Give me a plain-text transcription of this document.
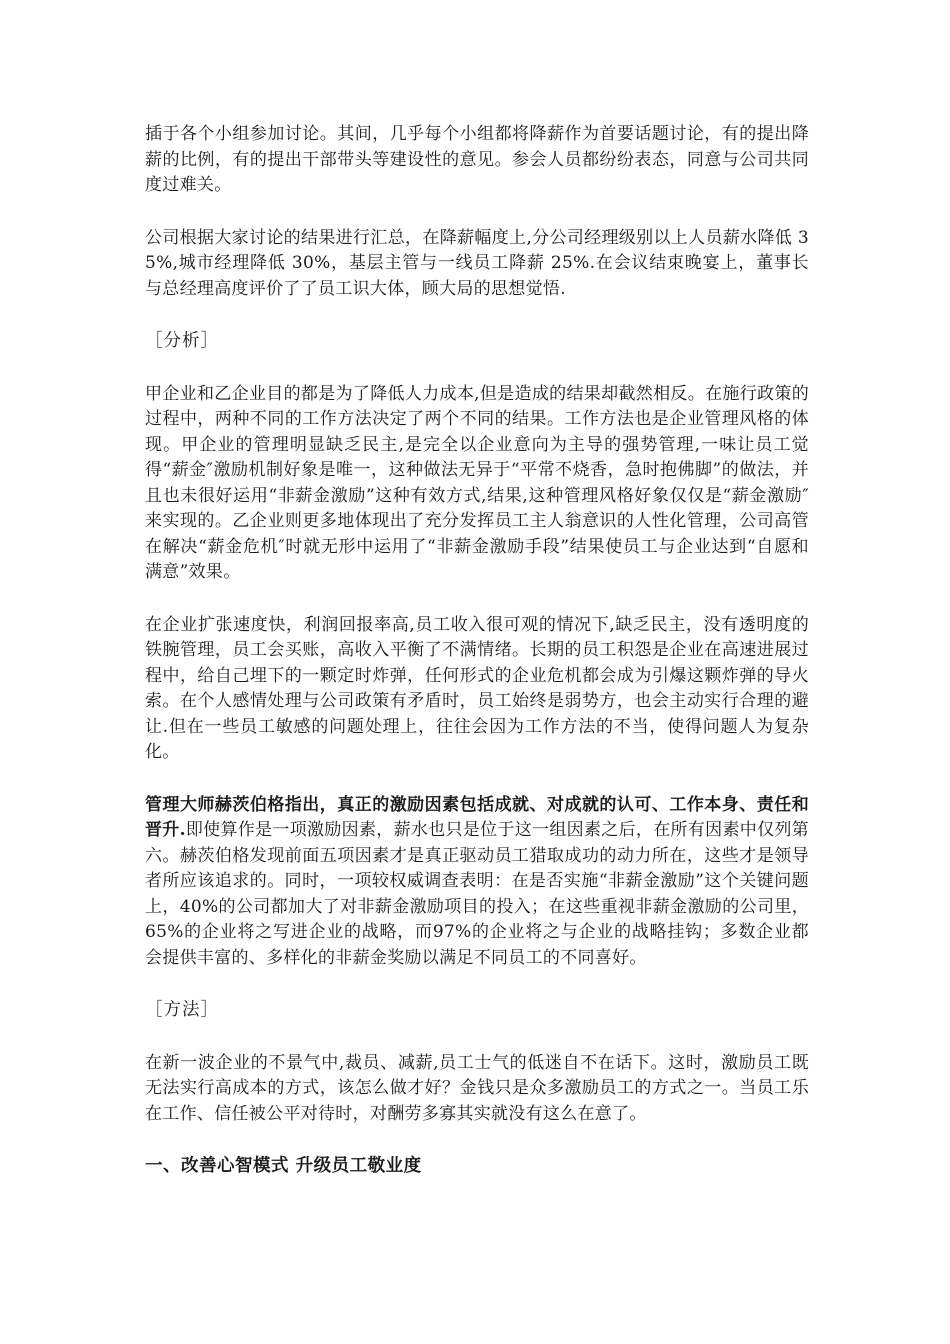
插于各个小组参加讨论。其间，几乎每个小组都将降薪作为首要话题讨论，有的提出降薪的比例，有的提出干部带头等建设性的意见。参会人员都纷纷表态，同意与公司共同度过难关。

公司根据大家讨论的结果进行汇总，在降薪幅度上,分公司经理级别以上人员薪水降低 35%,城市经理降低 30%，基层主管与一线员工降薪 25%.在会议结束晚宴上，董事长与总经理高度评价了了员工识大体，顾大局的思想觉悟.

［分析］

甲企业和乙企业目的都是为了降低人力成本,但是造成的结果却截然相反。在施行政策的过程中，两种不同的工作方法决定了两个不同的结果。工作方法也是企业管理风格的体现。甲企业的管理明显缺乏民主,是完全以企业意向为主导的强势管理,一味让员工觉得“薪金″激励机制好象是唯一，这种做法无异于“平常不烧香，急时抱佛脚”的做法，并且也未很好运用“非薪金激励”这种有效方式,结果,这种管理风格好象仅仅是“薪金激励″来实现的。乙企业则更多地体现出了充分发挥员工主人翁意识的人性化管理，公司高管在解决“薪金危机″时就无形中运用了“非薪金激励手段”结果使员工与企业达到“自愿和满意”效果。

在企业扩张速度快，利润回报率高,员工收入很可观的情况下,缺乏民主，没有透明度的铁腕管理，员工会买账，高收入平衡了不满情绪。长期的员工积怨是企业在高速进展过程中，给自己埋下的一颗定时炸弹，任何形式的企业危机都会成为引爆这颗炸弹的导火索。在个人感情处理与公司政策有矛盾时，员工始终是弱势方，也会主动实行合理的避让.但在一些员工敏感的问题处理上，往往会因为工作方法的不当，使得问题人为复杂化。

管理大师赫茨伯格指出，真正的激励因素包括成就、对成就的认可、工作本身、责任和晋升.即使算作是一项激励因素，薪水也只是位于这一组因素之后，在所有因素中仅列第六。赫茨伯格发现前面五项因素才是真正驱动员工猎取成功的动力所在，这些才是领导者所应该追求的。同时，一项较权威调查表明：在是否实施“非薪金激励”这个关键问题上，40%的公司都加大了对非薪金激励项目的投入；在这些重视非薪金激励的公司里，65%的企业将之写进企业的战略，而97%的企业将之与企业的战略挂钩；多数企业都会提供丰富的、多样化的非薪金奖励以满足不同员工的不同喜好。

［方法］

在新一波企业的不景气中,裁员、减薪,员工士气的低迷自不在话下。这时，激励员工既无法实行高成本的方式，该怎么做才好？金钱只是众多激励员工的方式之一。当员工乐在工作、信任被公平对待时，对酬劳多寡其实就没有这么在意了。

一、改善心智模式 升级员工敬业度
